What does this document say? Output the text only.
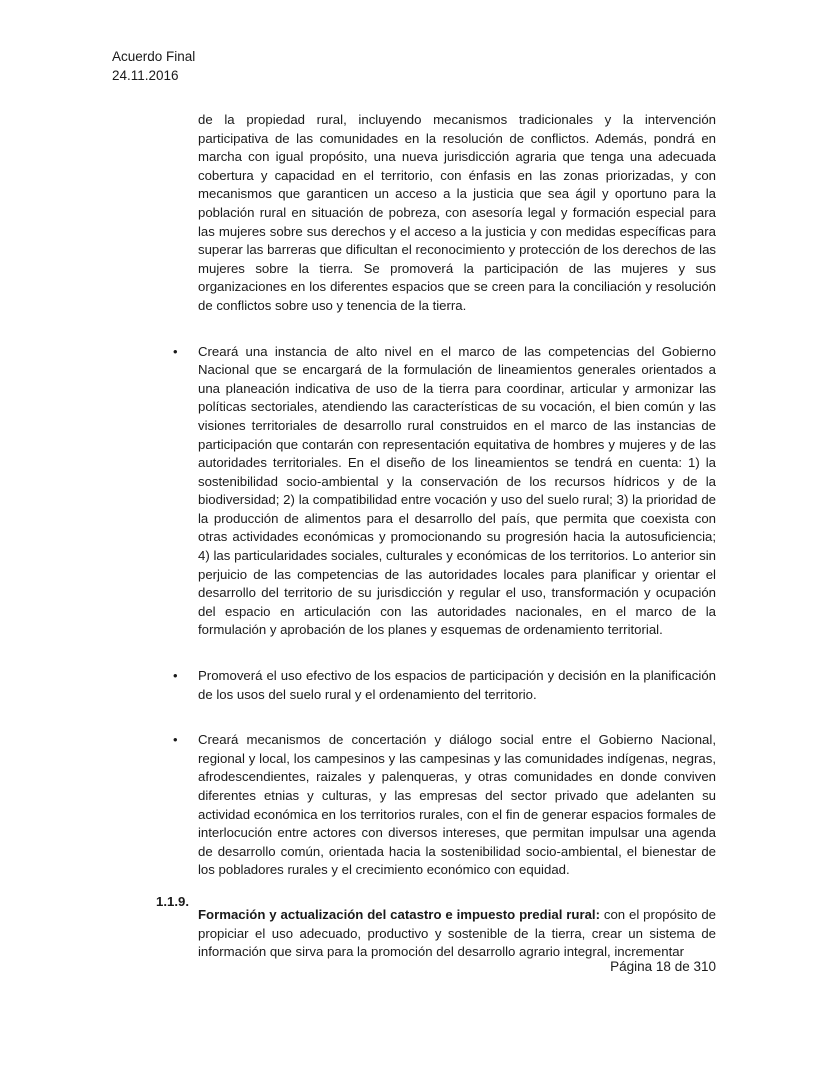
Acuerdo Final
24.11.2016

de la propiedad rural, incluyendo mecanismos tradicionales y la intervención participativa de las comunidades en la resolución de conflictos. Además, pondrá en marcha con igual propósito, una nueva jurisdicción agraria que tenga una adecuada cobertura y capacidad en el territorio, con énfasis en las zonas priorizadas, y con mecanismos que garanticen un acceso a la justicia que sea ágil y oportuno para la población rural en situación de pobreza, con asesoría legal y formación especial para las mujeres sobre sus derechos y el acceso a la justicia y con medidas específicas para superar las barreras que dificultan el reconocimiento y protección de los derechos de las mujeres sobre la tierra. Se promoverá la participación de las mujeres y sus organizaciones en los diferentes espacios que se creen para la conciliación y resolución de conflictos sobre uso y tenencia de la tierra.

• Creará una instancia de alto nivel en el marco de las competencias del Gobierno Nacional que se encargará de la formulación de lineamientos generales orientados a una planeación indicativa de uso de la tierra para coordinar, articular y armonizar las políticas sectoriales, atendiendo las características de su vocación, el bien común y las visiones territoriales de desarrollo rural construidos en el marco de las instancias de participación que contarán con representación equitativa de hombres y mujeres y de las autoridades territoriales. En el diseño de los lineamientos se tendrá en cuenta: 1) la sostenibilidad socio-ambiental y la conservación de los recursos hídricos y de la biodiversidad; 2) la compatibilidad entre vocación y uso del suelo rural; 3) la prioridad de la producción de alimentos para el desarrollo del país, que permita que coexista con otras actividades económicas y promocionando su progresión hacia la autosuficiencia; 4) las particularidades sociales, culturales y económicas de los territorios. Lo anterior sin perjuicio de las competencias de las autoridades locales para planificar y orientar el desarrollo del territorio de su jurisdicción y regular el uso, transformación y ocupación del espacio en articulación con las autoridades nacionales, en el marco de la formulación y aprobación de los planes y esquemas de ordenamiento territorial.

• Promoverá el uso efectivo de los espacios de participación y decisión en la planificación de los usos del suelo rural y el ordenamiento del territorio.

• Creará mecanismos de concertación y diálogo social entre el Gobierno Nacional, regional y local, los campesinos y las campesinas y las comunidades indígenas, negras, afrodescendientes, raizales y palenqueras, y otras comunidades en donde conviven diferentes etnias y culturas, y las empresas del sector privado que adelanten su actividad económica en los territorios rurales, con el fin de generar espacios formales de interlocución entre actores con diversos intereses, que permitan impulsar una agenda de desarrollo común, orientada hacia la sostenibilidad socio-ambiental, el bienestar de los pobladores rurales y el crecimiento económico con equidad.

1.1.9.

Formación y actualización del catastro e impuesto predial rural: con el propósito de propiciar el uso adecuado, productivo y sostenible de la tierra, crear un sistema de información que sirva para la promoción del desarrollo agrario integral, incrementar

Página 18 de 310
